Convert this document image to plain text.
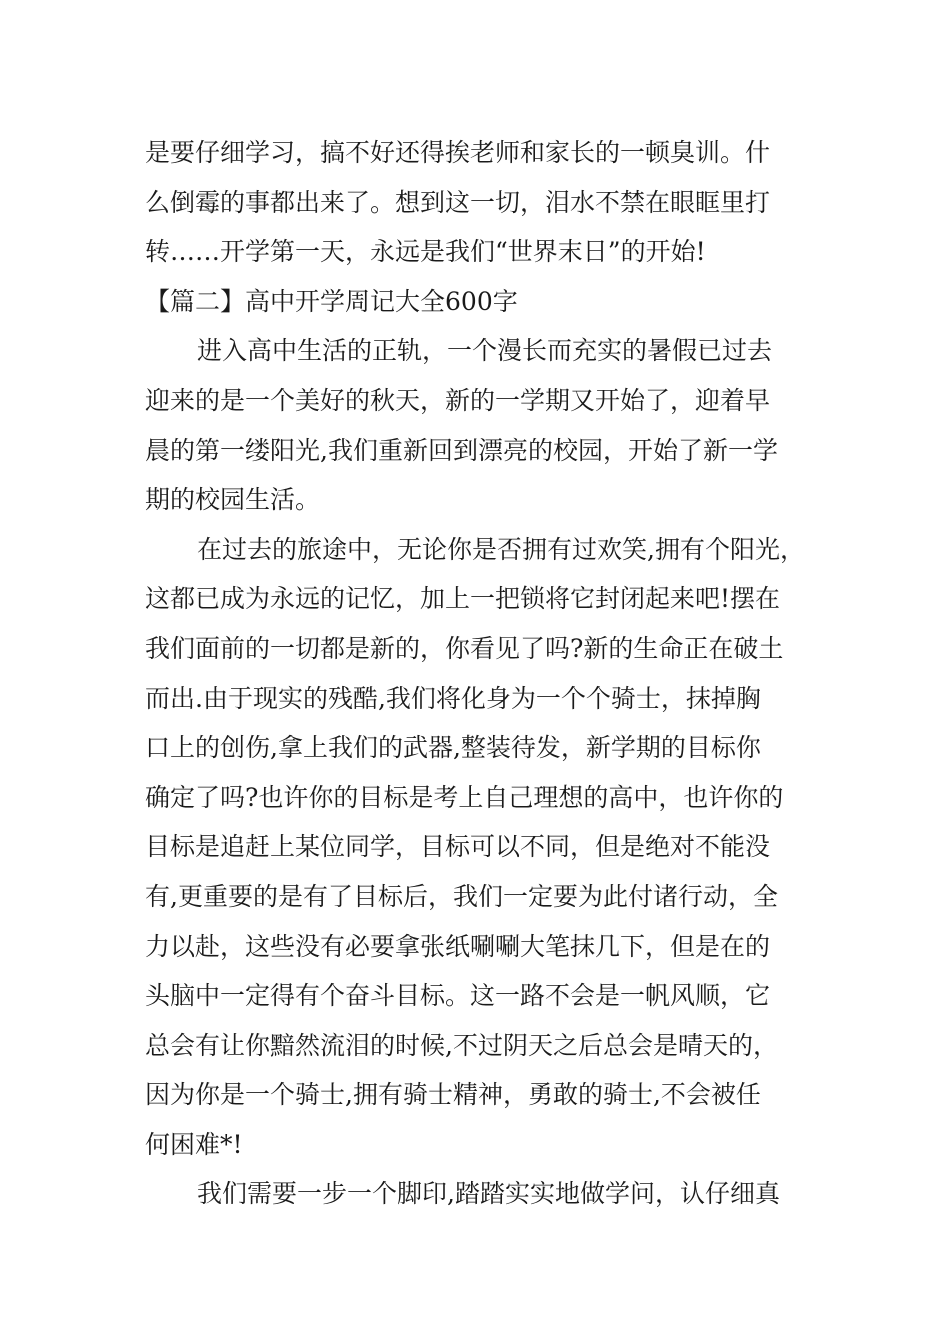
是要仔细学习，搞不好还得挨老师和家长的一顿臭训。什
么倒霉的事都出来了。想到这一切，泪水不禁在眼眶里打
转……开学第一天，永远是我们“世界末日”的开始!
【篇二】高中开学周记大全600字
进入高中生活的正轨，一个漫长而充实的暑假已过去
迎来的是一个美好的秋天，新的一学期又开始了，迎着早
晨的第一缕阳光,我们重新回到漂亮的校园，开始了新一学
期的校园生活。
在过去的旅途中，无论你是否拥有过欢笑,拥有个阳光，
这都已成为永远的记忆，加上一把锁将它封闭起来吧!摆在
我们面前的一切都是新的，你看见了吗?新的生命正在破土
而出.由于现实的残酷,我们将化身为一个个骑士，抹掉胸
口上的创伤,拿上我们的武器,整装待发，新学期的目标你
确定了吗?也许你的目标是考上自己理想的高中，也许你的
目标是追赶上某位同学，目标可以不同，但是绝对不能没
有,更重要的是有了目标后，我们一定要为此付诸行动，全
力以赴，这些没有必要拿张纸唰唰大笔抹几下，但是在的
头脑中一定得有个奋斗目标。这一路不会是一帆风顺，它
总会有让你黯然流泪的时候,不过阴天之后总会是晴天的，
因为你是一个骑士,拥有骑士精神，勇敢的骑士,不会被任
何困难*!
我们需要一步一个脚印,踏踏实实地做学问，认仔细真
